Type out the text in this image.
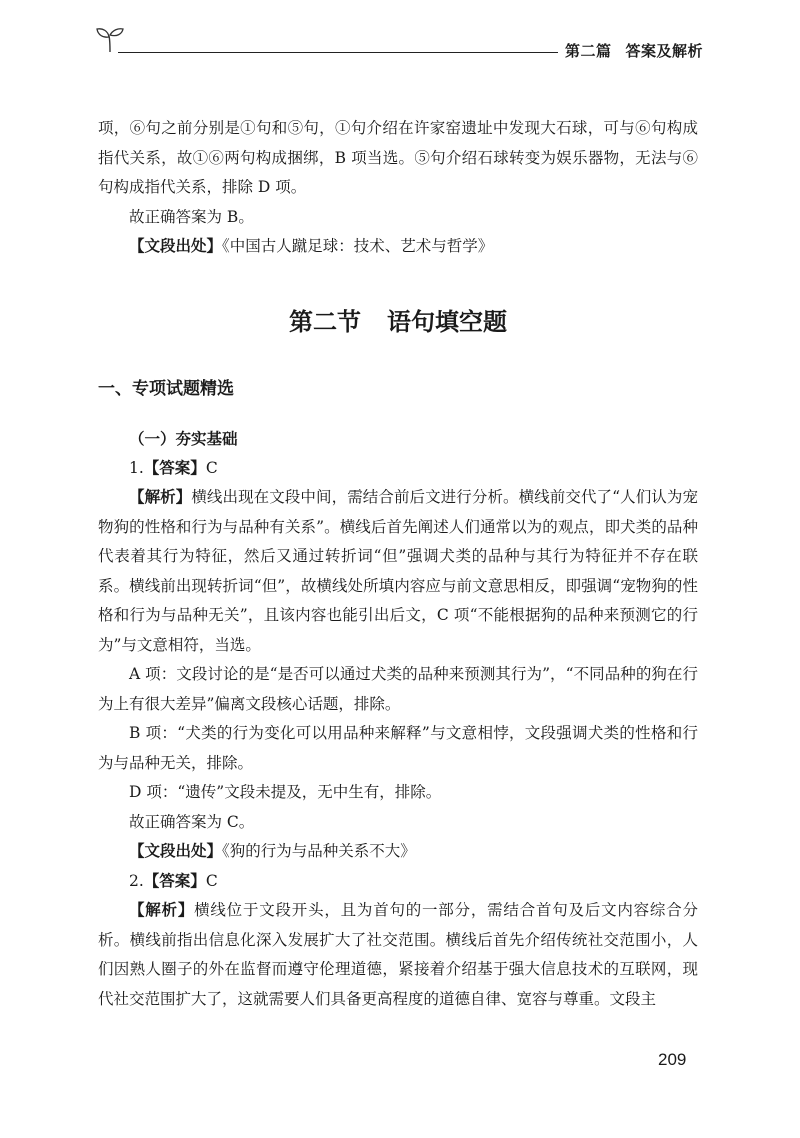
第二篇 答案及解析

项，⑥句之前分别是①句和⑤句，①句介绍在许家窑遗址中发现大石球，可与⑥句构成指代关系，故①⑥两句构成捆绑，B 项当选。⑤句介绍石球转变为娱乐器物，无法与⑥句构成指代关系，排除 D 项。

故正确答案为 B。

【文段出处】《中国古人蹴足球：技术、艺术与哲学》

第二节 语句填空题
一、专项试题精选
（一）夯实基础

1.【答案】C

【解析】横线出现在文段中间，需结合前后文进行分析。横线前交代了“人们认为宠物狗的性格和行为与品种有关系”。横线后首先阐述人们通常以为的观点，即犬类的品种代表着其行为特征，然后又通过转折词“但”强调犬类的品种与其行为特征并不存在联系。横线前出现转折词“但”，故横线处所填内容应与前文意思相反，即强调“宠物狗的性格和行为与品种无关”，且该内容也能引出后文，C 项“不能根据狗的品种来预测它的行为”与文意相符，当选。

A 项：文段讨论的是“是否可以通过犬类的品种来预测其行为”，“不同品种的狗在行为上有很大差异”偏离文段核心话题，排除。

B 项：“犬类的行为变化可以用品种来解释”与文意相悖，文段强调犬类的性格和行为与品种无关，排除。

D 项：“遗传”文段未提及，无中生有，排除。

故正确答案为 C。

【文段出处】《狗的行为与品种关系不大》

2.【答案】C

【解析】横线位于文段开头，且为首句的一部分，需结合首句及后文内容综合分析。横线前指出信息化深入发展扩大了社交范围。横线后首先介绍传统社交范围小，人们因熟人圈子的外在监督而遵守伦理道德，紧接着介绍基于强大信息技术的互联网，现代社交范围扩大了，这就需要人们具备更高程度的道德自律、宽容与尊重。文段主

209
